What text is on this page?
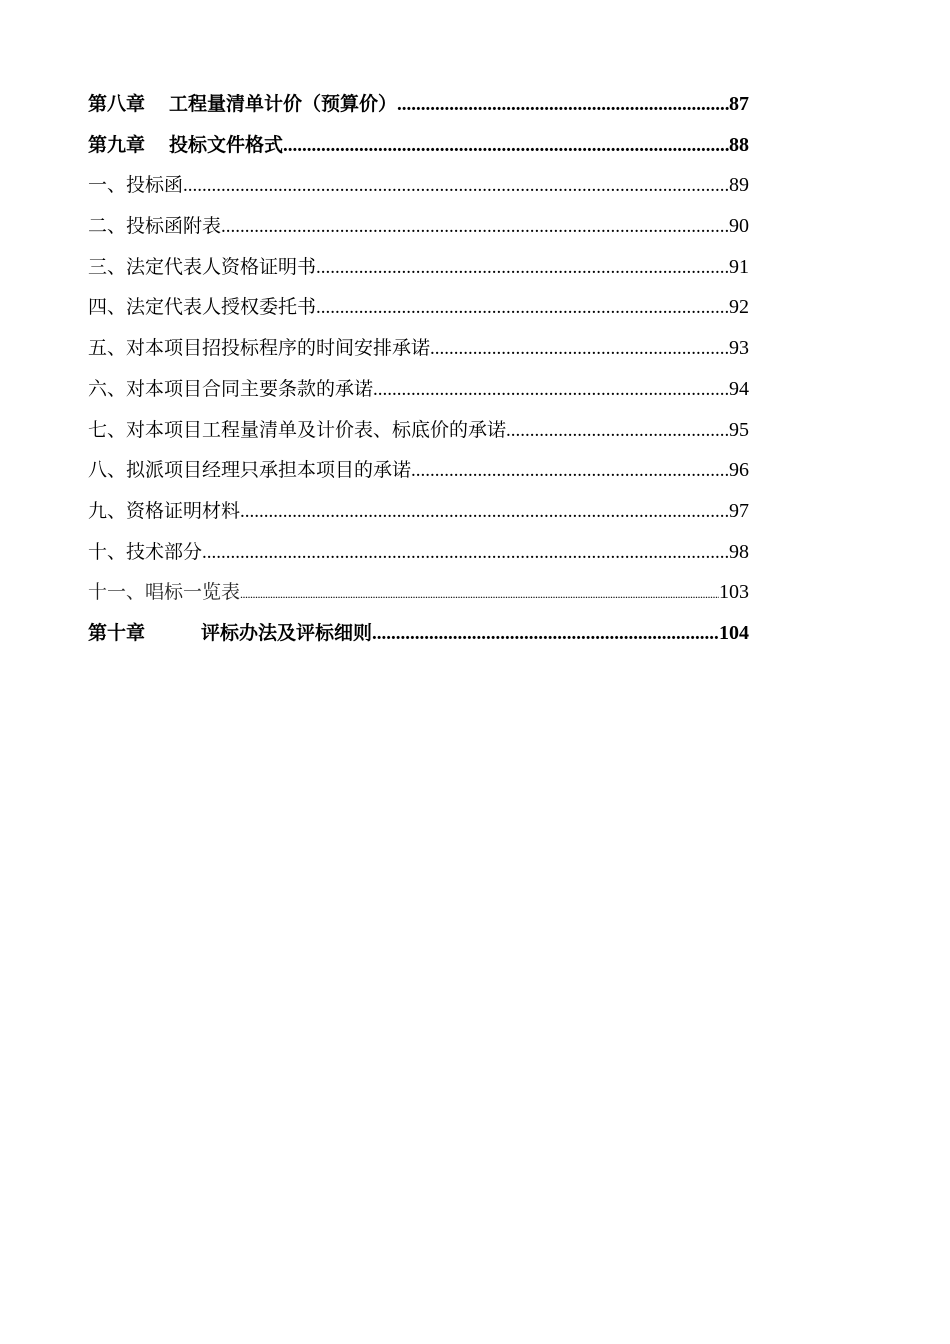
第八章 工程量清单计价（预算价） .....	87
第九章 投标文件格式 .....	88
一、投标函 .....	89
二、投标函附表 .....	90
三、法定代表人资格证明书 .....	91
四、法定代表人授权委托书 .....	92
五、对本项目招投标程序的时间安排承诺 .....	93
六、对本项目合同主要条款的承诺 .....	94
七、对本项目工程量清单及计价表、标底价的承诺 .....	95
八、拟派项目经理只承担本项目的承诺 .....	96
九、资格证明材料 .....	97
十、技术部分 .....	98
十一、唱标一览表 .....	103
第十章	评标办法及评标细则 .....	104
